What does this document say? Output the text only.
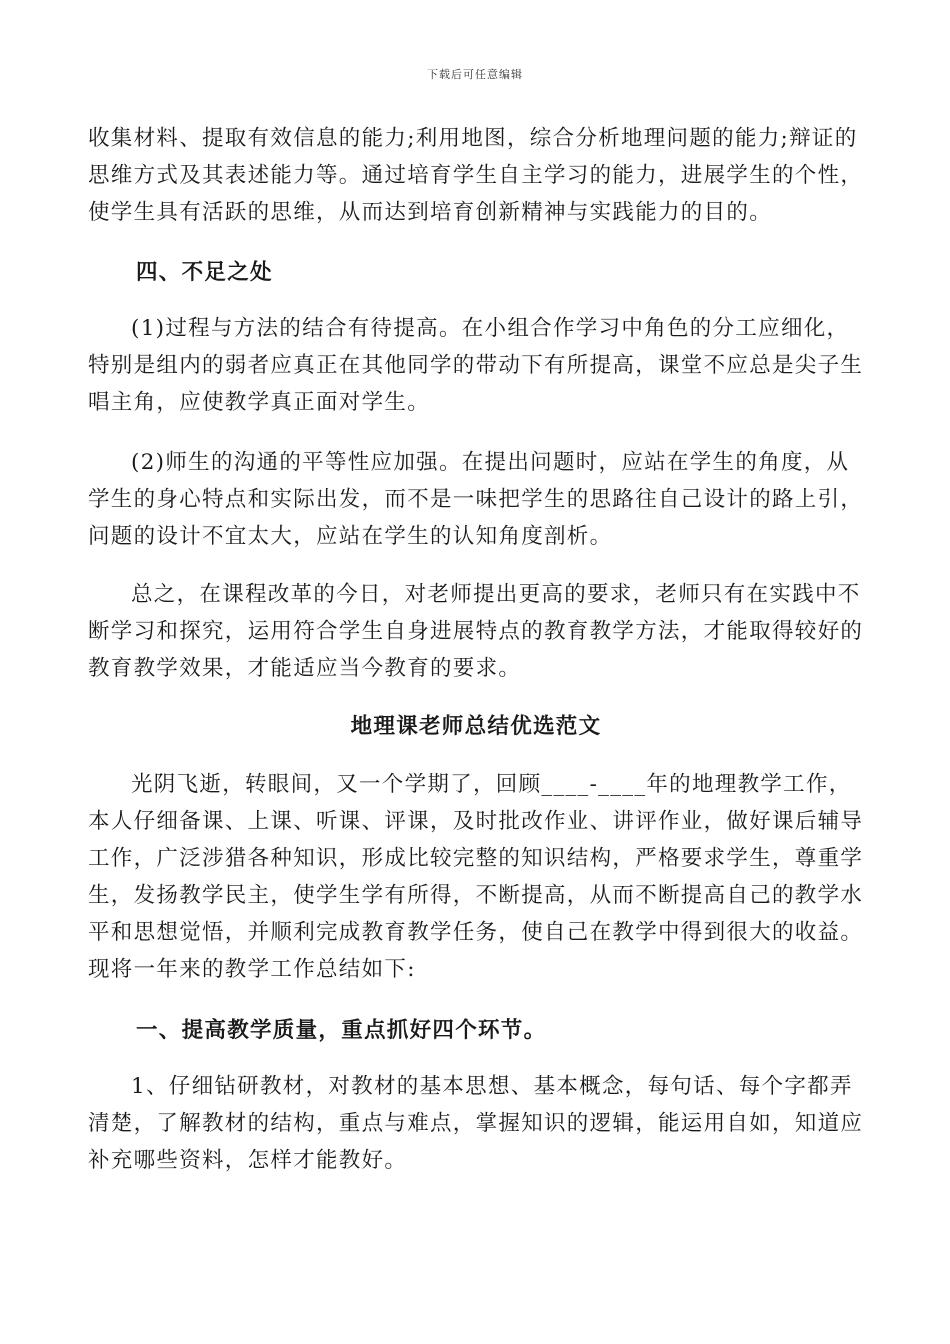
下载后可任意编辑

收集材料、提取有效信息的能力;利用地图，综合分析地理问题的能力;辩证的思维方式及其表述能力等。通过培育学生自主学习的能力，进展学生的个性，使学生具有活跃的思维，从而达到培育创新精神与实践能力的目的。

四、不足之处

(1)过程与方法的结合有待提高。在小组合作学习中角色的分工应细化，特别是组内的弱者应真正在其他同学的带动下有所提高，课堂不应总是尖子生唱主角，应使教学真正面对学生。

(2)师生的沟通的平等性应加强。在提出问题时，应站在学生的角度，从学生的身心特点和实际出发，而不是一味把学生的思路往自己设计的路上引，问题的设计不宜太大，应站在学生的认知角度剖析。

总之，在课程改革的今日，对老师提出更高的要求，老师只有在实践中不断学习和探究，运用符合学生自身进展特点的教育教学方法，才能取得较好的教育教学效果，才能适应当今教育的要求。

地理课老师总结优选范文

光阴飞逝，转眼间，又一个学期了，回顾____-____年的地理教学工作，本人仔细备课、上课、听课、评课，及时批改作业、讲评作业，做好课后辅导工作，广泛涉猎各种知识，形成比较完整的知识结构，严格要求学生，尊重学生，发扬教学民主，使学生学有所得，不断提高，从而不断提高自己的教学水平和思想觉悟，并顺利完成教育教学任务，使自己在教学中得到很大的收益。现将一年来的教学工作总结如下:

一、提高教学质量，重点抓好四个环节。

1、仔细钻研教材，对教材的基本思想、基本概念，每句话、每个字都弄清楚，了解教材的结构，重点与难点，掌握知识的逻辑，能运用自如，知道应补充哪些资料，怎样才能教好。
